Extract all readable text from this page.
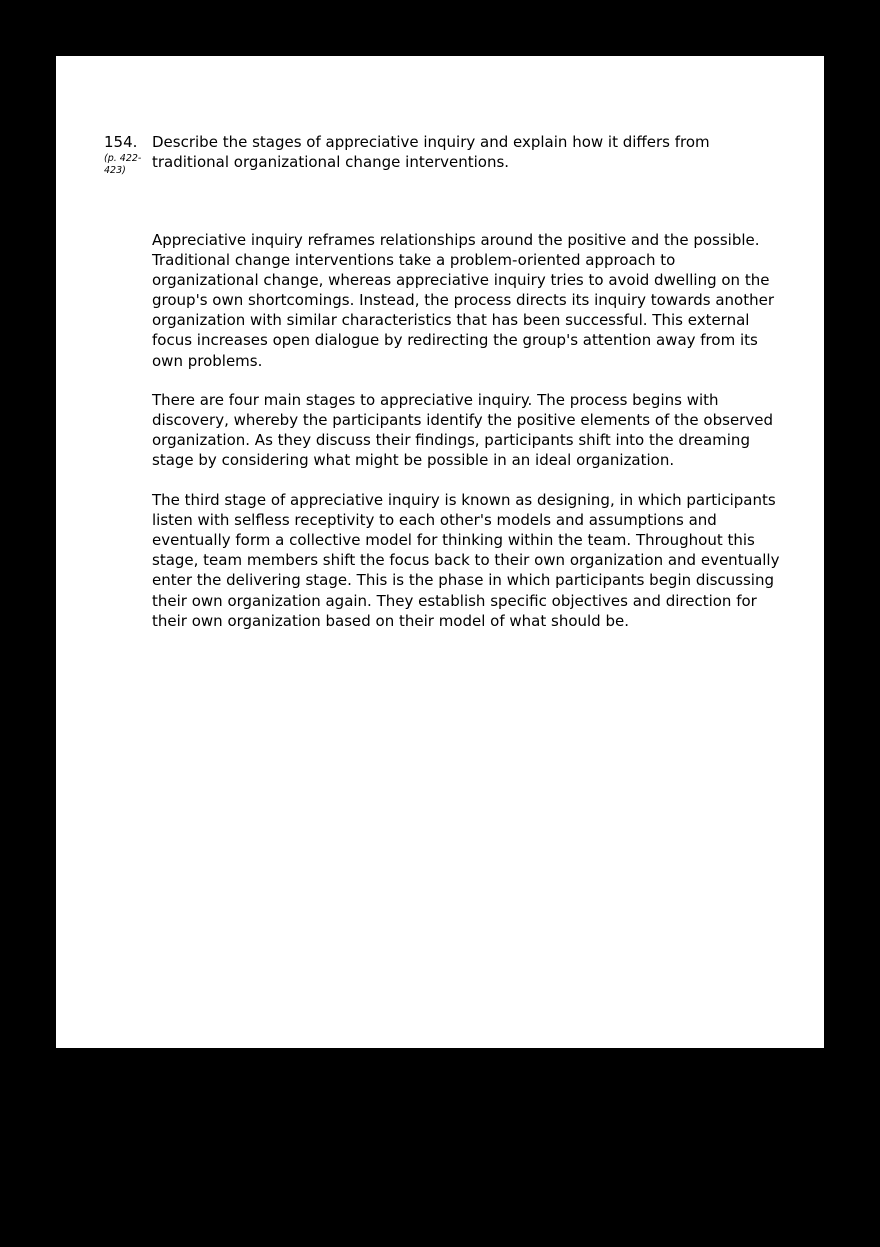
154.
(p. 422-423)
Describe the stages of appreciative inquiry and explain how it differs from traditional organizational change interventions.

Appreciative inquiry reframes relationships around the positive and the possible. Traditional change interventions take a problem-oriented approach to organizational change, whereas appreciative inquiry tries to avoid dwelling on the group's own shortcomings. Instead, the process directs its inquiry towards another organization with similar characteristics that has been successful. This external focus increases open dialogue by redirecting the group's attention away from its own problems.

There are four main stages to appreciative inquiry. The process begins with discovery, whereby the participants identify the positive elements of the observed organization. As they discuss their findings, participants shift into the dreaming stage by considering what might be possible in an ideal organization.

The third stage of appreciative inquiry is known as designing, in which participants listen with selfless receptivity to each other's models and assumptions and eventually form a collective model for thinking within the team. Throughout this stage, team members shift the focus back to their own organization and eventually enter the delivering stage. This is the phase in which participants begin discussing their own organization again. They establish specific objectives and direction for their own organization based on their model of what should be.
